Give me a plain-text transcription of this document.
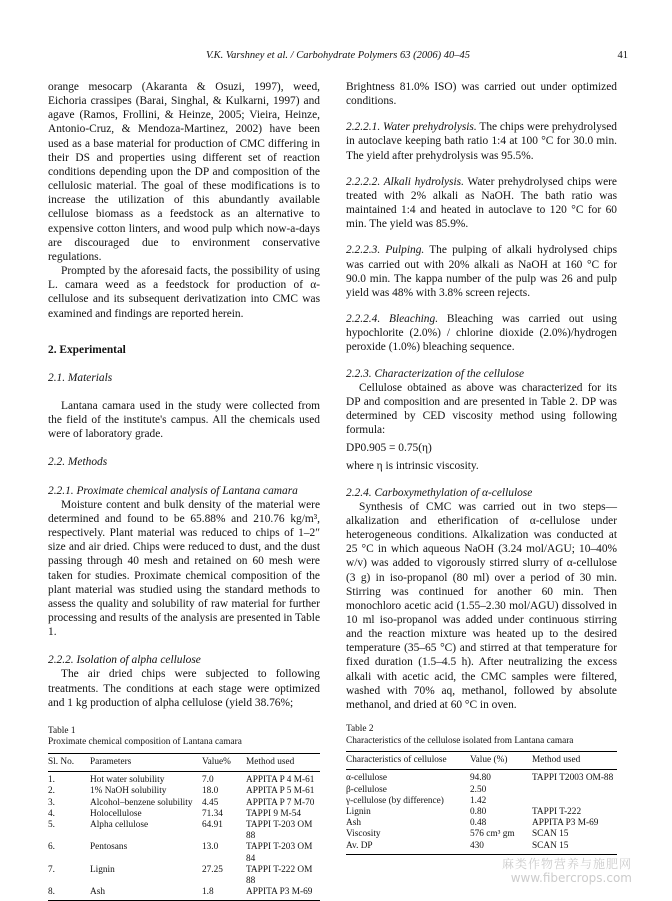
V.K. Varshney et al. / Carbohydrate Polymers 63 (2006) 40–45	41

orange mesocarp (Akaranta & Osuzi, 1997), weed, Eichoria crassipes (Barai, Singhal, & Kulkarni, 1997) and agave (Ramos, Frollini, & Heinze, 2005; Vieira, Heinze, Antonio-Cruz, & Mendoza-Martinez, 2002) have been used as a base material for production of CMC differing in their DS and properties using different set of reaction conditions depending upon the DP and composition of the cellulosic material. The goal of these modifications is to increase the utilization of this abundantly available cellulose biomass as a feedstock as an alternative to expensive cotton linters, and wood pulp which now-a-days are discouraged due to environment conservative regulations.

Prompted by the aforesaid facts, the possibility of using L. camara weed as a feedstock for production of α-cellulose and its subsequent derivatization into CMC was examined and findings are reported herein.

2. Experimental

2.1. Materials

Lantana camara used in the study were collected from the field of the institute's campus. All the chemicals used were of laboratory grade.

2.2. Methods

2.2.1. Proximate chemical analysis of Lantana camara

Moisture content and bulk density of the material were determined and found to be 65.88% and 210.76 kg/m³, respectively. Plant material was reduced to chips of 1–2″ size and air dried. Chips were reduced to dust, and the dust passing through 40 mesh and retained on 60 mesh were taken for studies. Proximate chemical composition of the plant material was studied using the standard methods to assess the quality and solubility of raw material for further processing and results of the analysis are presented in Table 1.

2.2.2. Isolation of alpha cellulose

The air dried chips were subjected to following treatments. The conditions at each stage were optimized and 1 kg production of alpha cellulose (yield 38.76%;

Table 1
Proximate chemical composition of Lantana camara
Sl. No.	Parameters	Value%	Method used
1.	Hot water solubility	7.0	APPITA P 4 M-61
2.	1% NaOH solubility	18.0	APPITA P 5 M-61
3.	Alcohol–benzene solubility	4.45	APPITA P 7 M-70
4.	Holocellulose	71.34	TAPPI 9 M-54
5.	Alpha cellulose	64.91	TAPPI T-203 OM 88
6.	Pentosans	13.0	TAPPI T-203 OM 84
7.	Lignin	27.25	TAPPI T-222 OM 88
8.	Ash	1.8	APPITA P3 M-69

Brightness 81.0% ISO) was carried out under optimized conditions.

2.2.2.1. Water prehydrolysis. The chips were prehydrolysed in autoclave keeping bath ratio 1:4 at 100 °C for 30.0 min. The yield after prehydrolysis was 95.5%.

2.2.2.2. Alkali hydrolysis. Water prehydrolysed chips were treated with 2% alkali as NaOH. The bath ratio was maintained 1:4 and heated in autoclave to 120 °C for 60 min. The yield was 85.9%.

2.2.2.3. Pulping. The pulping of alkali hydrolysed chips was carried out with 20% alkali as NaOH at 160 °C for 90.0 min. The kappa number of the pulp was 26 and pulp yield was 48% with 3.8% screen rejects.

2.2.2.4. Bleaching. Bleaching was carried out using hypochlorite (2.0%) / chlorine dioxide (2.0%)/hydrogen peroxide (1.0%) bleaching sequence.

2.2.3. Characterization of the cellulose

Cellulose obtained as above was characterized for its DP and composition and are presented in Table 2. DP was determined by CED viscosity method using following formula:

DP0.905 = 0.75(η)

where η is intrinsic viscosity.

2.2.4. Carboxymethylation of α-cellulose

Synthesis of CMC was carried out in two steps—alkalization and etherification of α-cellulose under heterogeneous conditions. Alkalization was conducted at 25 °C in which aqueous NaOH (3.24 mol/AGU; 10–40% w/v) was added to vigorously stirred slurry of α-cellulose (3 g) in iso-propanol (80 ml) over a period of 30 min. Stirring was continued for another 60 min. Then monochloro acetic acid (1.55–2.30 mol/AGU) dissolved in 10 ml iso-propanol was added under continuous stirring and the reaction mixture was heated up to the desired temperature (35–65 °C) and stirred at that temperature for fixed duration (1.5–4.5 h). After neutralizing the excess alkali with acetic acid, the CMC samples were filtered, washed with 70% aq, methanol, followed by absolute methanol, and dried at 60 °C in oven.

Table 2
Characteristics of the cellulose isolated from Lantana camara
Characteristics of cellulose	Value (%)	Method used
α-cellulose	94.80	TAPPI T2003 OM-88
β-cellulose	2.50	
γ-cellulose (by difference)	1.42	
Lignin	0.80	TAPPI T-222
Ash	0.48	APPITA P3 M-69
Viscosity	576 cm³ gm	SCAN 15
Av. DP	430	SCAN 15
麻类作物营养与施肥网
www.fibercrops.com
